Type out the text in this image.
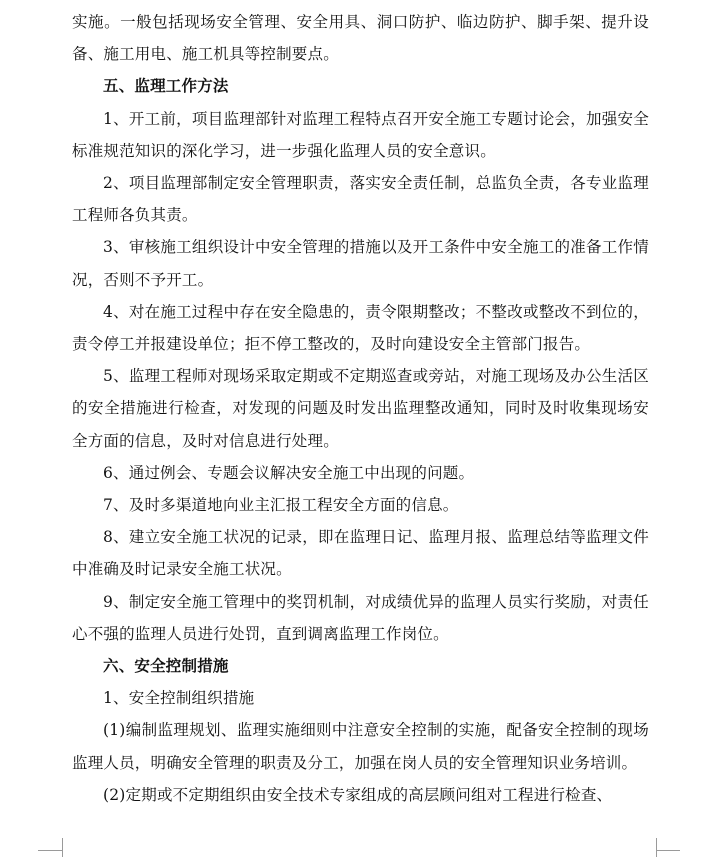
实施。一般包括现场安全管理、安全用具、洞口防护、临边防护、脚手架、提升设备、施工用电、施工机具等控制要点。

五、监理工作方法

1、开工前，项目监理部针对监理工程特点召开安全施工专题讨论会，加强安全标准规范知识的深化学习，进一步强化监理人员的安全意识。

2、项目监理部制定安全管理职责，落实安全责任制，总监负全责，各专业监理工程师各负其责。

3、审核施工组织设计中安全管理的措施以及开工条件中安全施工的准备工作情况，否则不予开工。

4、对在施工过程中存在安全隐患的，责令限期整改；不整改或整改不到位的，责令停工并报建设单位；拒不停工整改的，及时向建设安全主管部门报告。

5、监理工程师对现场采取定期或不定期巡查或旁站，对施工现场及办公生活区的安全措施进行检查，对发现的问题及时发出监理整改通知，同时及时收集现场安全方面的信息，及时对信息进行处理。

6、通过例会、专题会议解决安全施工中出现的问题。

7、及时多渠道地向业主汇报工程安全方面的信息。

8、建立安全施工状况的记录，即在监理日记、监理月报、监理总结等监理文件中准确及时记录安全施工状况。

9、制定安全施工管理中的奖罚机制，对成绩优异的监理人员实行奖励，对责任心不强的监理人员进行处罚，直到调离监理工作岗位。

六、安全控制措施

1、安全控制组织措施

(1)编制监理规划、监理实施细则中注意安全控制的实施，配备安全控制的现场监理人员，明确安全管理的职责及分工，加强在岗人员的安全管理知识业务培训。

(2)定期或不定期组织由安全技术专家组成的高层顾问组对工程进行检查、
